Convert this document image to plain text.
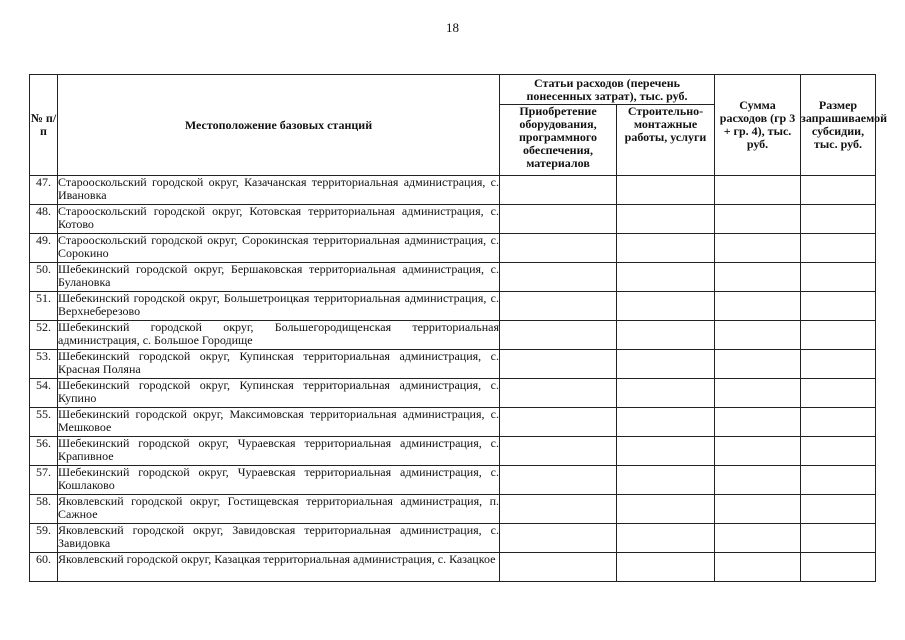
18
№ п/п	Местоположение базовых станций	Статьи расходов (перечень понесенных затрат), тыс. руб.		Сумма расходов (гр 3 + гр. 4), тыс. руб.	Размер запрашиваемой субсидии, тыс. руб.
		Приобретение оборудования, программного обеспечения, материалов	Строительно-монтажные работы, услуги		
47.	Старооскольский городской округ, Казачанская территориальная администрация, с. Ивановка				
48.	Старооскольский городской округ, Котовская территориальная администрация, с. Котово				
49.	Старооскольский городской округ, Сорокинская территориальная администрация, с. Сорокино				
50.	Шебекинский городской округ, Бершаковская территориальная администрация, с. Булановка				
51.	Шебекинский городской округ, Большетроицкая территориальная администрация, с. Верхнеберезово				
52.	Шебекинский городской округ, Большегородищенская территориальная администрация, с. Большое Городище				
53.	Шебекинский городской округ, Купинская территориальная администрация, с. Красная Поляна				
54.	Шебекинский городской округ, Купинская территориальная администрация, с. Купино				
55.	Шебекинский городской округ, Максимовская территориальная администрация, с. Мешковое				
56.	Шебекинский городской округ, Чураевская территориальная администрация, с. Крапивное				
57.	Шебекинский городской округ, Чураевская территориальная администрация, с. Кошлаково				
58.	Яковлевский городской округ, Гостищевская территориальная администрация, п. Сажное				
59.	Яковлевский городской округ, Завидовская территориальная администрация, с. Завидовка				
60.	Яковлевский городской округ, Казацкая территориальная администрация, с. Казацкое				
